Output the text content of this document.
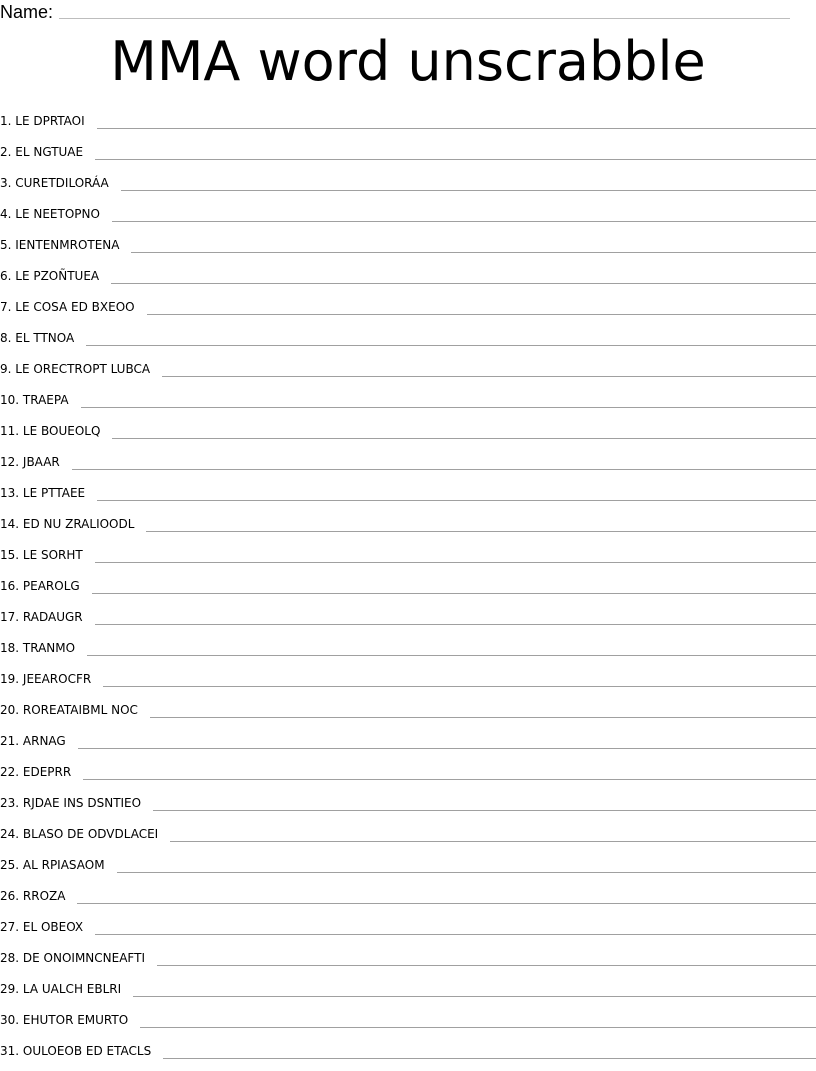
Name:
MMA word unscrabble
1. LE DPRTAOI
2. EL NGTUAE
3. CURETDILORÁA
4. LE NEETOPNO
5. IENTENMROTENA
6. LE PZOÑTUEA
7. LE COSA ED BXEOO
8. EL TTNOA
9. LE ORECTROPT LUBCA
10. TRAEPA
11. LE BOUEOLQ
12. JBAAR
13. LE PTTAEE
14. ED NU ZRALIOODL
15. LE SORHT
16. PEAROLG
17. RADAUGR
18. TRANMO
19. JEEAROCFR
20. ROREATAIBML NOC
21. ARNAG
22. EDEPRR
23. RJDAE INS DSNTIEO
24. BLASO DE ODVDLACEI
25. AL RPIASAOM
26. RROZA
27. EL OBEOX
28. DE ONOIMNCNEAFTI
29. LA UALCH EBLRI
30. EHUTOR EMURTO
31. OULOEOB ED ETACLS
